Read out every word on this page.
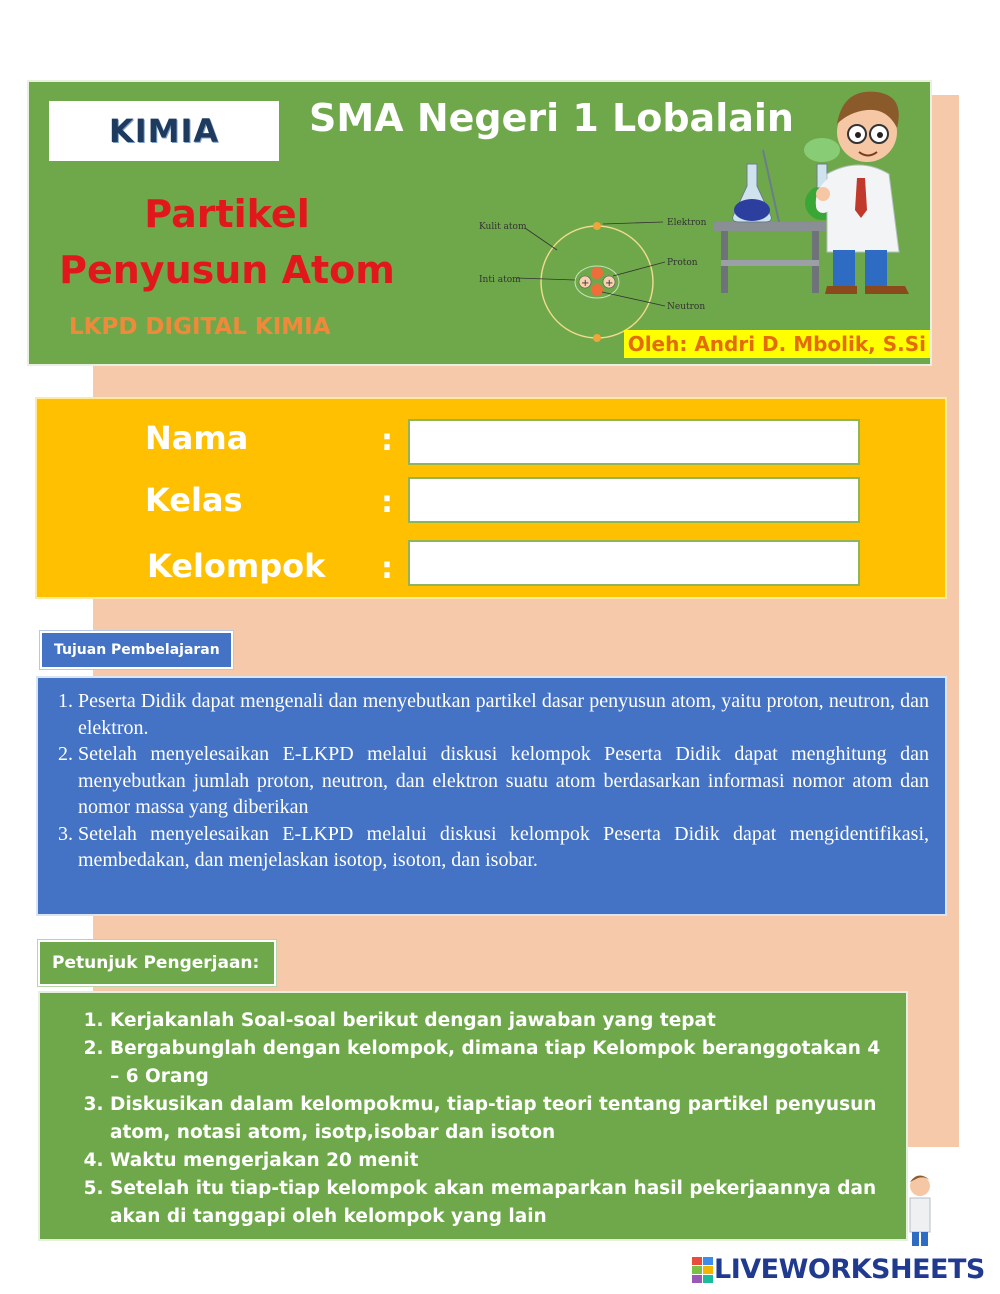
KIMIA SMA Negeri 1 Lobalain
Partikel
Penyusun Atom
LKPD DIGITAL KIMIA
+ +
Kulit atom
Inti atom
Elektron
Proton
Neutron
Oleh: Andri D. Mbolik, S.Si
Nama	:
Kelas	:
Kelompok :
Tujuan Pembelajaran
1. Peserta Didik dapat mengenali dan menyebutkan partikel dasar penyusun atom, yaitu proton, neutron, dan elektron.
2. Setelah menyelesaikan E-LKPD melalui diskusi kelompok Peserta Didik dapat menghitung dan menyebutkan jumlah proton, neutron, dan elektron suatu atom berdasarkan informasi nomor atom dan nomor massa yang diberikan
3. Setelah menyelesaikan E-LKPD melalui diskusi kelompok Peserta Didik dapat mengidentifikasi, membedakan, dan menjelaskan isotop, isoton, dan isobar.
Petunjuk Pengerjaan:
1. Kerjakanlah Soal-soal berikut dengan jawaban yang tepat
2. Bergabunglah dengan kelompok, dimana tiap Kelompok beranggotakan 4 – 6 Orang
3. Diskusikan dalam kelompokmu, tiap-tiap teori tentang partikel penyusun atom, notasi atom, isotp,isobar dan isoton
4. Waktu mengerjakan 20 menit
5. Setelah itu tiap-tiap kelompok akan memaparkan hasil pekerjaannya dan akan di tanggapi oleh kelompok yang lain
LIVEWORKSHEETS
